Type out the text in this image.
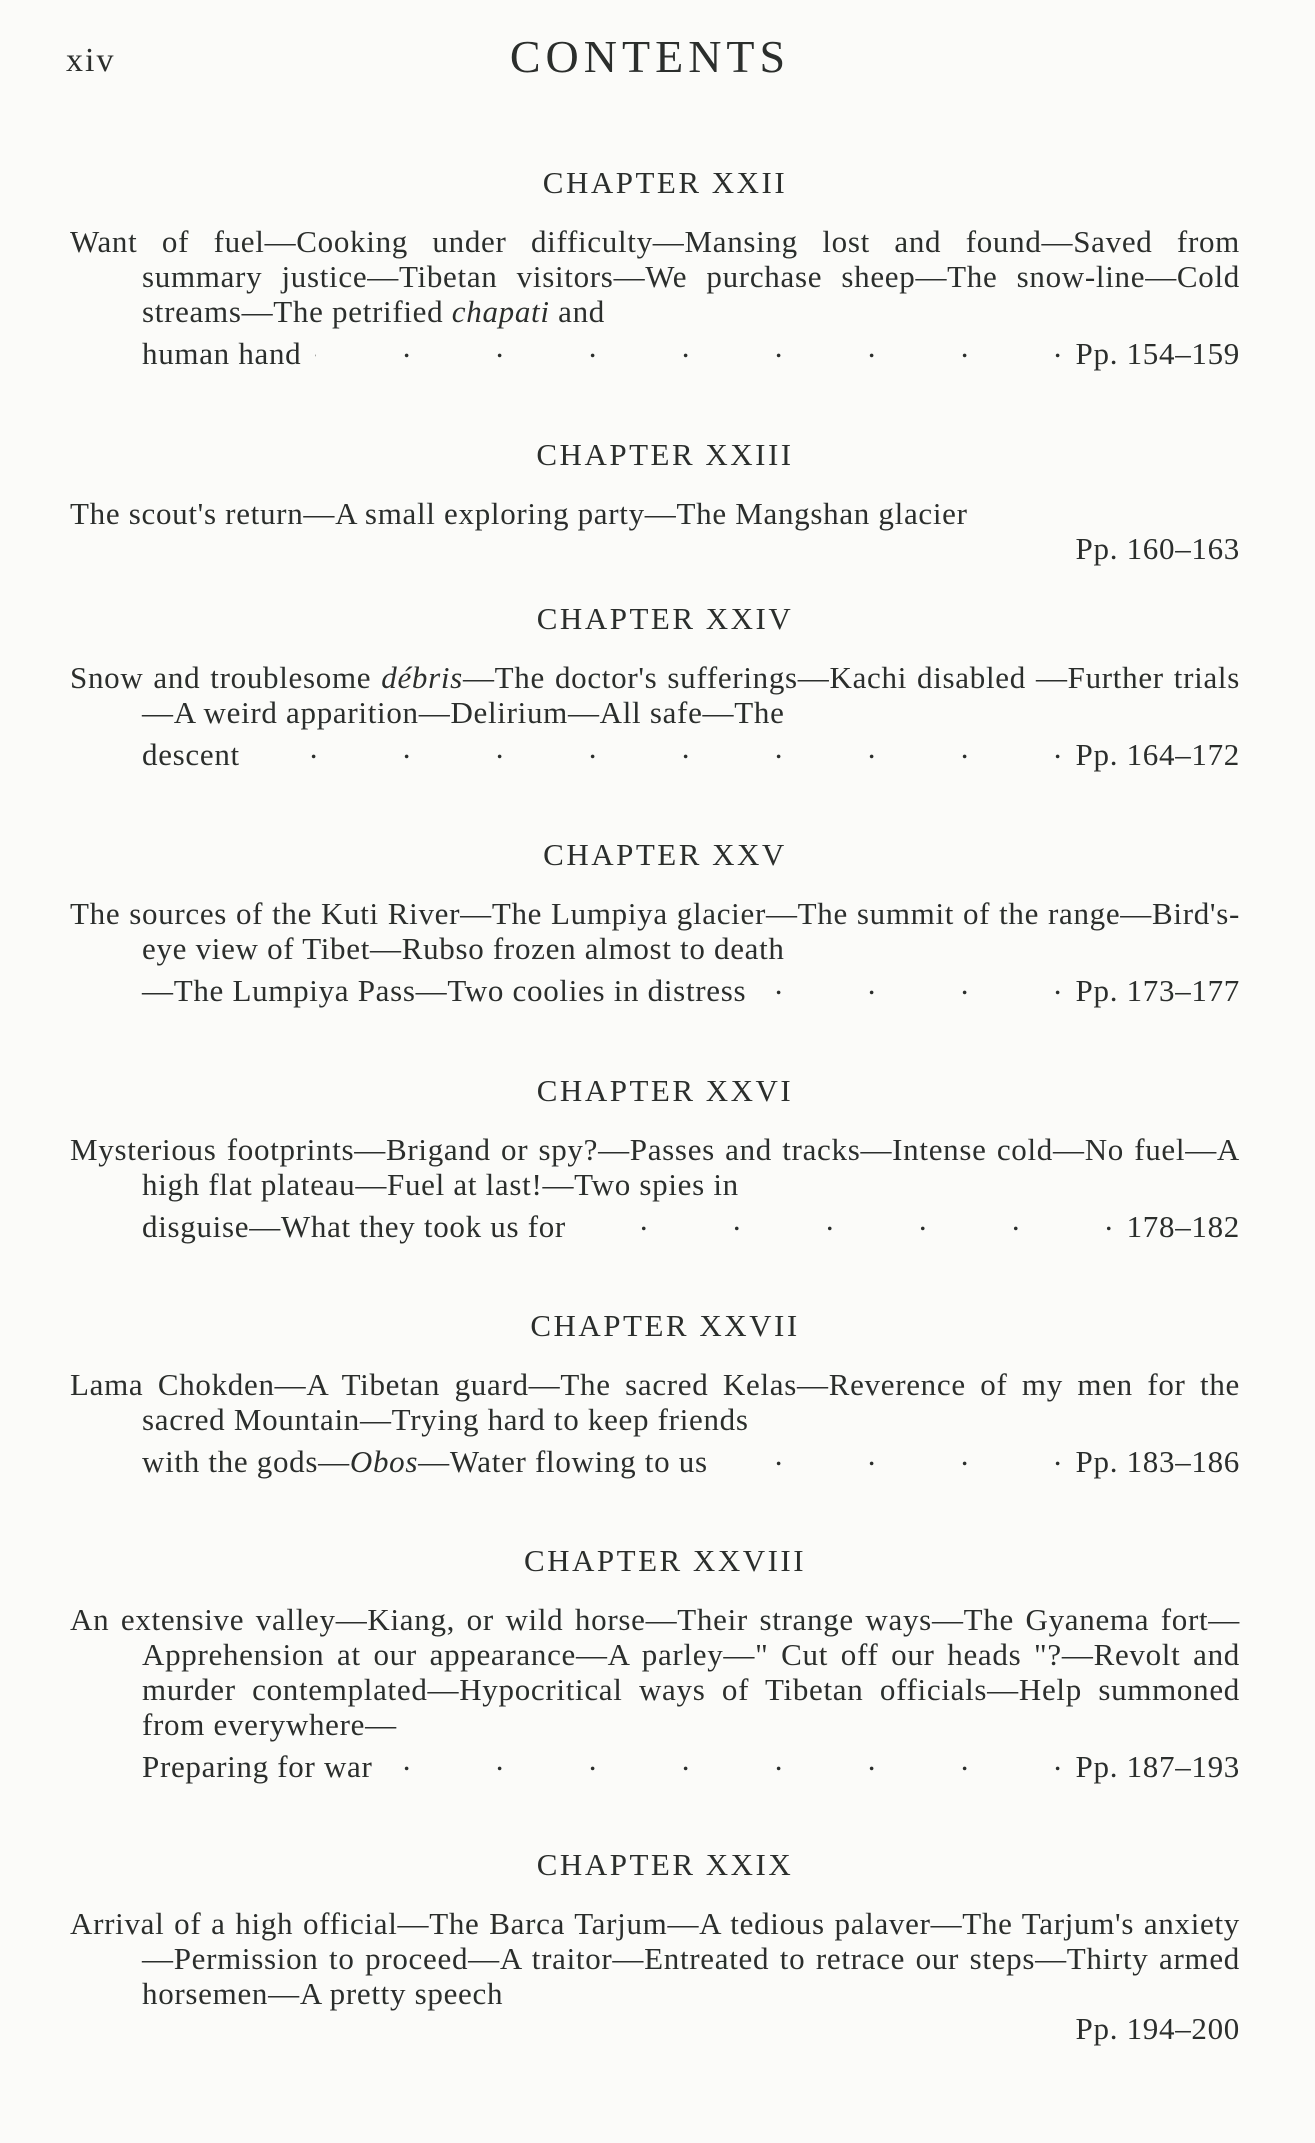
xiv	CONTENTS
CHAPTER XXII
Want of fuel—Cooking under difficulty—Mansing lost and found—Saved from summary justice—Tibetan visitors—We purchase sheep—The snow-line—Cold streams—The petrified chapati and
human hand .	Pp. 154–159
CHAPTER XXIII
The scout's return—A small exploring party—The Mangshan glacier
Pp. 160–163
CHAPTER XXIV
Snow and troublesome débris—The doctor's sufferings—Kachi disabled —Further trials—A weird apparition—Delirium—All safe—The
descent .	Pp. 164–172
CHAPTER XXV
The sources of the Kuti River—The Lumpiya glacier—The summit of the range—Bird's-eye view of Tibet—Rubso frozen almost to death
—The Lumpiya Pass—Two coolies in distress .	Pp. 173–177
CHAPTER XXVI
Mysterious footprints—Brigand or spy?—Passes and tracks—Intense cold—No fuel—A high flat plateau—Fuel at last!—Two spies in
disguise—What they took us for .	178–182
CHAPTER XXVII
Lama Chokden—A Tibetan guard—The sacred Kelas—Reverence of my men for the sacred Mountain—Trying hard to keep friends
with the gods—Obos—Water flowing to us .	Pp. 183–186
CHAPTER XXVIII
An extensive valley—Kiang, or wild horse—Their strange ways—The Gyanema fort—Apprehension at our appearance—A parley—" Cut off our heads "?—Revolt and murder contemplated—Hypocritical ways of Tibetan officials—Help summoned from everywhere—
Preparing for war .	Pp. 187–193
CHAPTER XXIX
Arrival of a high official—The Barca Tarjum—A tedious palaver—The Tarjum's anxiety—Permission to proceed—A traitor—Entreated to retrace our steps—Thirty armed horsemen—A pretty speech
Pp. 194–200
